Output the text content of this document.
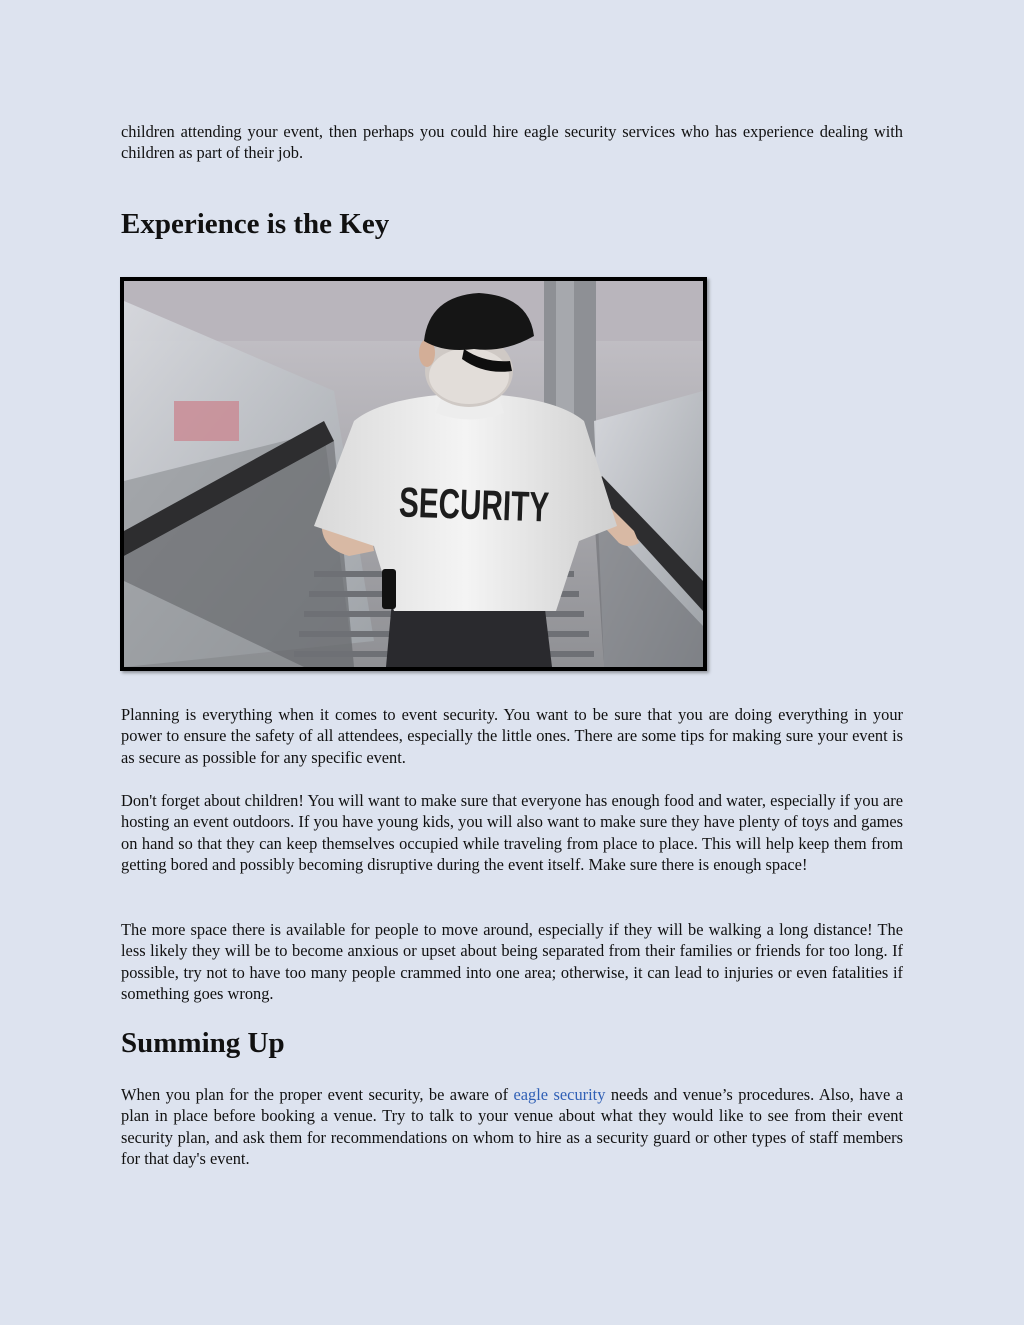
children attending your event, then perhaps you could hire eagle security services who has experience dealing with children as part of their job.

Experience is the Key
SECURITY

Planning is everything when it comes to event security. You want to be sure that you are doing everything in your power to ensure the safety of all attendees, especially the little ones. There are some tips for making sure your event is as secure as possible for any specific event.

Don't forget about children! You will want to make sure that everyone has enough food and water, especially if you are hosting an event outdoors. If you have young kids, you will also want to make sure they have plenty of toys and games on hand so that they can keep themselves occupied while traveling from place to place. This will help keep them from getting bored and possibly becoming disruptive during the event itself. Make sure there is enough space!

The more space there is available for people to move around, especially if they will be walking a long distance! The less likely they will be to become anxious or upset about being separated from their families or friends for too long. If possible, try not to have too many people crammed into one area; otherwise, it can lead to injuries or even fatalities if something goes wrong.

Summing Up

When you plan for the proper event security, be aware of eagle security needs and venue’s procedures. Also, have a plan in place before booking a venue. Try to talk to your venue about what they would like to see from their event security plan, and ask them for recommendations on whom to hire as a security guard or other types of staff members for that day's event.
